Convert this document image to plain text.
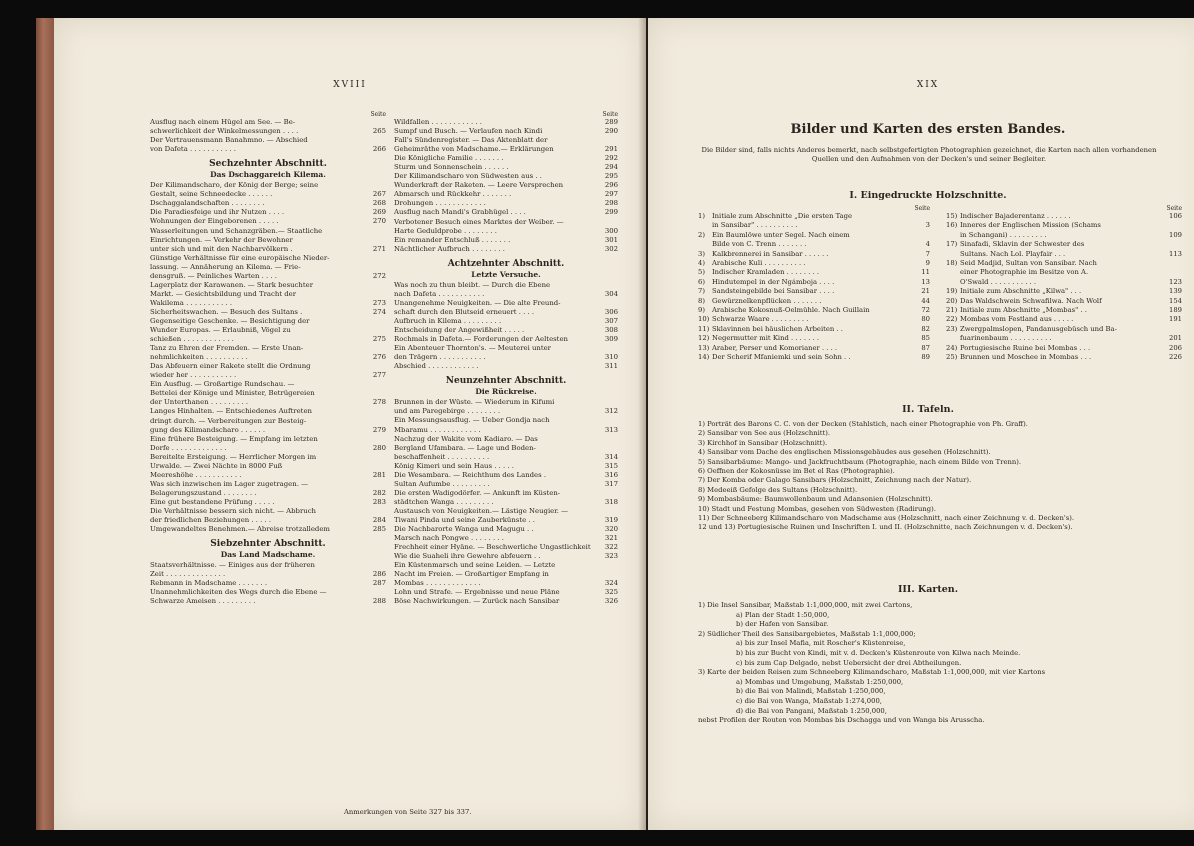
XVIII
Seite
Ausflug nach einem Hügel am See. — Be-
schwerlichkeit der Winkelmessungen . . . .	265
Der Vertrauensmann Banahmno. — Abschied
von Dafeta . . . . . . . . . . .	266
Sechzehnter Abschnitt.
Das Dschaggareich Kilema.
Der Kilimandscharo, der König der Berge; seine
Gestalt, seine Schneedecke . . . . . .	267
Dschaggalandschaften . . . . . . . .	268
Die Paradiesfeige und ihr Nutzen . . . .	269
Wohnungen der Eingeborenen . . . . .	270
Wasserleitungen und Schanzgräben.— Staatliche
Einrichtungen. — Verkehr der Bewohner
unter sich und mit den Nachbarvölkern .	271
Günstige Verhältnisse für eine europäische Nieder-
lassung. — Annäherung an Kilema. — Frie-
densgruß. — Peinliches Warten . . . .	272
Lagerplatz der Karawanen. — Stark besuchter
Markt. — Gesichtsbildung und Tracht der
Wakilema . . . . . . . . . . .	273
Sicherheitswachen. — Besuch des Sultans .	274
Gegenseitige Geschenke. — Besichtigung der
Wunder Europas. — Erlaubniß, Vögel zu
schießen . . . . . . . . . . . .	275
Tanz zu Ehren der Fremden. — Erste Unan-
nehmlichkeiten . . . . . . . . . .	276
Das Abfeuern einer Rakete stellt die Ordnung
wieder her . . . . . . . . . . .	277
Ein Ausflug. — Großartige Rundschau. —
Bettelei der Könige und Minister, Betrügereien
der Unterthanen . . . . . . . . .	278
Langes Hinhalten. — Entschiedenes Auftreten
dringt durch. — Verbereitungen zur Besteig-
gung des Kilimandscharo . . . . . .	279
Eine frühere Besteigung. — Empfang im letzten
Dorfe . . . . . . . . . . . . .	280
Bereitelte Ersteigung. — Herrlicher Morgen im
Urwalde. — Zwei Nächte in 8000 Fuß
Meereshöhe . . . . . . . . . . .	281
Was sich inzwischen im Lager zugetragen. —
Belagerungszustand . . . . . . . .	282
Eine gut bestandene Prüfung . . . . .	283
Die Verhältnisse bessern sich nicht. — Abbruch
der friedlichen Beziehungen . . . . .	284
Umgewandeltes Benehmen.— Abreise trotzalledem	285
Siebzehnter Abschnitt.
Das Land Madschame.
Staatsverhältnisse. — Einiges aus der früheren
Zeit . . . . . . . . . . . . . .	286
Rebmann in Madschame . . . . . . .	287
Unannehmlichkeiten des Wegs durch die Ebene —
Schwarze Ameisen . . . . . . . . .	288
Seite
Wildfallen . . . . . . . . . . . .	289
Sumpf und Busch. — Verlaufen nach Kindi	290
Fall's Sündenregister. — Das Aktenblatt der
Geheimräthe von Madschame.— Erklärungen	291
Die Königliche Familie . . . . . . .	292
Sturm und Sonnenschein . . . . . .	294
Der Kilimandscharo von Südwesten aus . .	295
Wunderkraft der Raketen. — Leere Versprechen	296
Abmarsch und Rückkehr . . . . . . .	297
Drohungen . . . . . . . . . . . .	298
Ausflug nach Mandi's Grabhügel . . . .	299
Verbotener Besuch eines Marktes der Weiber. —
Harte Geduldprobe . . . . . . . .	300
Ein remander Entschluß . . . . . . .	301
Nächtlicher Aufbruch . . . . . . . .	302
Achtzehnter Abschnitt.
Letzte Versuche.
Was noch zu thun bleibt. — Durch die Ebene
nach Dafeta . . . . . . . . . . .	304
Unangenehme Neuigkeiten. — Die alte Freund-
schaft durch den Blutseid erneuert . . . .	306
Aufbruch in Kilema . . . . . . . . .	307
Entscheidung der Angewißheit . . . . .	308
Rochmals in Dafeta.— Forderungen der Aeltesten	309
Ein Abenteuer Thornton's. — Meuterei unter
den Trägern . . . . . . . . . . .	310
Abschied . . . . . . . . . . . .	311
Neunzehnter Abschnitt.
Die Rückreise.
Brunnen in der Wüste. — Wiederum in Kifumi
und am Paregebirge . . . . . . . .	312
Ein Messungsausflug. — Ueber Gondja nach
Mbaramu . . . . . . . . . . . .	313
Nachzug der Wakite vom Kadiaro. — Das
Bergland Ufambara. — Lage und Boden-
beschaffenheit . . . . . . . . . .	314
König Kimeri und sein Haus . . . . .	315
Die Wesambara. — Reichthum des Landes .	316
Sultan Aufumbe . . . . . . . . .	317
Die ersten Wadigodörfer. — Ankunft im Küsten-
städtchen Wanga . . . . . . . . .	318
Austausch von Neuigkeiten.— Lästige Neugier. —
Tiwani Pinda und seine Zauberkünste . .	319
Die Nachbarorte Wanga und Magugu . .	320
Marsch nach Pongwe . . . . . . . .	321
Frechheit einer Hyäne. — Beschwerliche Ungastlichkeit	322
Wie die Suaheli ihre Gewehre abfeuern . .	323
Ein Küstenmarsch und seine Leiden. — Letzte
Nacht im Freien. — Großartiger Empfang in
Mombas . . . . . . . . . . . . .	324
Lohn und Strafe. — Ergebnisse und neue Pläne	325
Böse Nachwirkungen. — Zurück nach Sansibar	326
Anmerkungen von Seite 327 bis 337.
XIX
Bilder und Karten des ersten Bandes.
Die Bilder sind, falls nichts Anderes bemerkt, nach selbstgefertigten Photographien gezeichnet, die Karten nach allen vorhandenen Quellen und den Aufnahmen von der Decken's und seiner Begleiter.
I. Eingedruckte Holzschnitte.
Seite
1)	Initiale zum Abschnitte „Die ersten Tage
in Sansibar" . . . . . . . . . .	3
2)	Ein Baumlöwe unter Segel. Nach einem
Bilde von C. Trenn . . . . . . .	4
3)	Kalkbrennerei in Sansibar . . . . . .	7
4)	Arabische Kuli . . . . . . . . . .	9
5)	Indischer Kramladen . . . . . . . .	11
6)	Hindutempel in der Ngámboja . . . .	13
7)	Sandsteingebilde bei Sansibar . . . .	21
8)	Gewürznelkenpflücken . . . . . . .	44
9)	Arabische Kokosnuß-Oelmühle. Nach Guillain	72
10) Schwarze Waare . . . . . . . . .	80
11) Sklavinnen bei häuslichen Arbeiten . .	82
12) Negermutter mit Kind . . . . . . .	85
13) Araber, Perser und Komorianer . . . .	87
14) Der Scherif Mfaniemki und sein Sohn . .	89
Seite
15) Indischer Bajaderentanz . . . . . .	106
16) Inneres der Englischen Mission (Schams
in Schangani) . . . . . . . . .	109
17) Sinafadi, Sklavin der Schwester des
Sultans. Nach Lol. Playfair . . .	113
18) Seid Madjid, Sultan von Sansibar. Nach
einer Photographie im Besitze von A.
O'Swald . . . . . . . . . . .	123
19) Initiale zum Abschnitte „Kilwa" . . .	139
20) Das Waldschwein Schwafilwa. Nach Wolf	154
21) Initiale zum Abschnitte „Mombas" . .	189
22) Mombas vom Festland aus . . . . .	191
23) Zwergpalmslopen, Pandanusgebüsch und Ba-
fuarinenbaum . . . . . . . . . .	201
24) Portugiesische Ruine bei Mombas . . .	206
25) Brunnen und Moschee in Mombas . . .	226
II. Tafeln.
1) Porträt des Barons C. C. von der Decken (Stahlstich, nach einer Photographie von Ph. Graff).
2) Sansibar von See aus (Holzschnitt).
3) Kirchhof in Sansibar (Holzschnitt).
4) Sansibar vom Dache des englischen Missionsgebäudes aus gesehen (Holzschnitt).
5) Sansibarbäume: Mango- und Jackfruchtbaum (Photographie, nach einem Bilde von Trenn).
6) Oeffnen der Kokosnüsse im Bet el Ras (Photographie).
7) Der Komba oder Galago Sansibars (Holzschnitt, Zeichnung nach der Natur).
8) Medeeiß Gefolge des Sultans (Holzschnitt).
9) Mombasbäume: Baumwollenbaum und Adansonien (Holzschnitt).
10) Stadt und Festung Mombas, gesehen von Südwesten (Radirung).
11) Der Schneeberg Kilimandscharo von Madschame aus (Holzschnitt, nach einer Zeichnung v. d. Decken's).
12 und 13) Portugiesische Ruinen und Inschriften I. und II. (Holzschnitte, nach Zeichnungen v. d. Decken's).
III. Karten.
1) Die Insel Sansibar, Maßstab 1:1,000,000, mit zwei Cartons,
a) Plan der Stadt 1:50,000,
b) der Hafen von Sansibar.
2) Südlicher Theil des Sansibargebietes, Maßstab 1:1,000,000;
a) bis zur Insel Mafia, mit Roscher's Küstenreise,
b) bis zur Bucht von Kindi, mit v. d. Decken's Küstenroute von Kilwa nach Meinde.
c) bis zum Cap Delgado, nebst Uebersicht der drei Abtheilungen.
3) Karte der beiden Reisen zum Schneeberg Kilimandscharo, Maßstab 1:1,000,000, mit vier Kartons
a) Mombas und Umgebung, Maßstab 1:250,000,
b) die Bai von Malindi, Maßstab 1:250,000,
c) die Bai von Wanga, Maßstab 1:274,000,
d) die Bai von Pangani, Maßstab 1:250,000,
nebst Profilen der Routen von Mombas bis Dschagga und von Wanga bis Arusscha.
